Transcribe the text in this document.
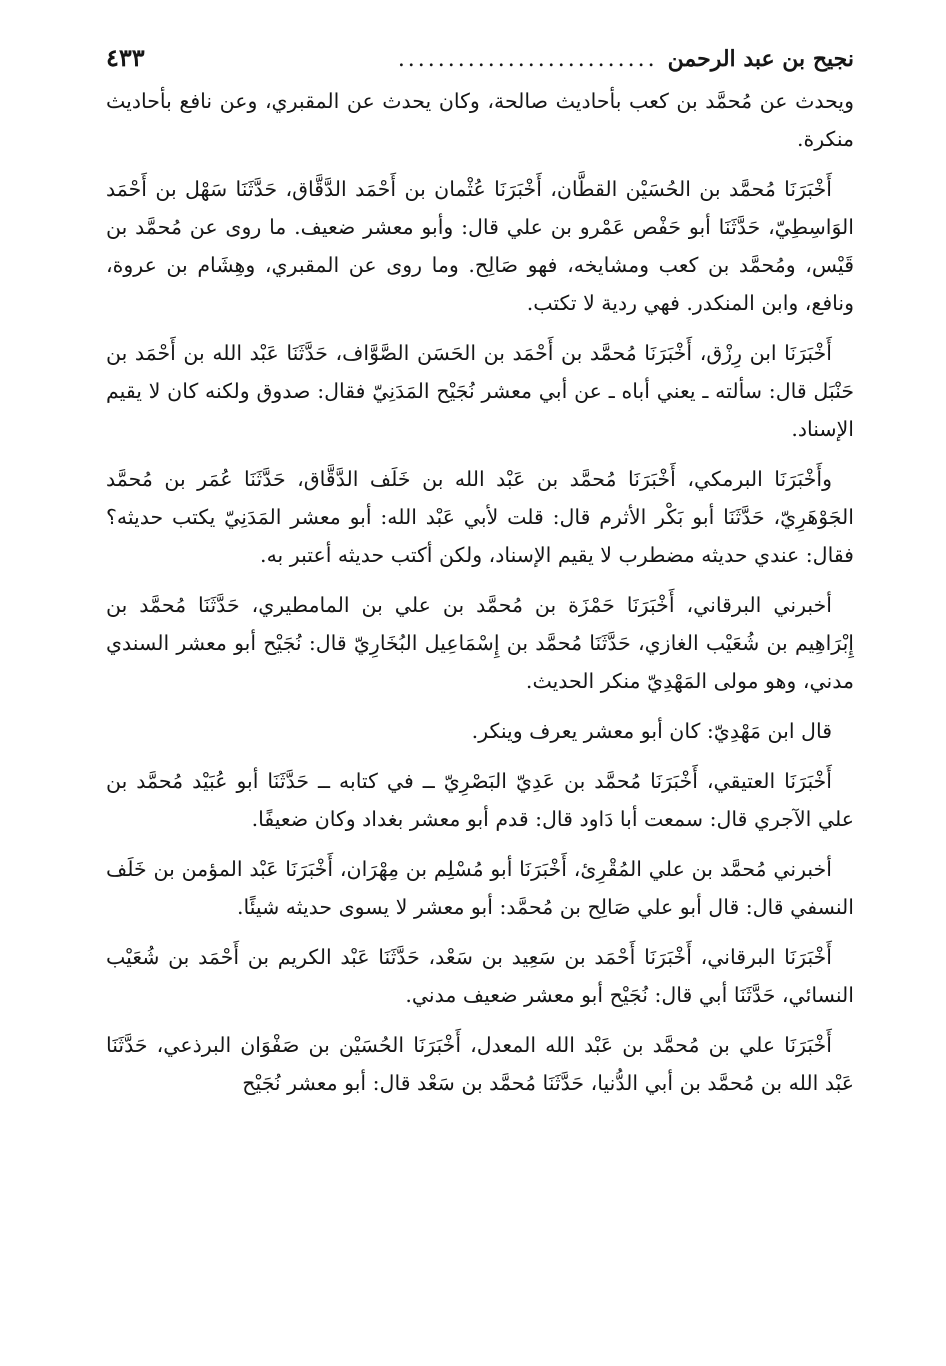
نجيح بن عبد الرحمن
..........................
٤٣٣

ويحدث عن مُحمَّد بن كعب بأحاديث صالحة، وكان يحدث عن المقبري، وعن نافع بأحاديث منكرة.

أَخْبَرَنَا مُحمَّد بن الحُسَيْن القطَّان، أَخْبَرَنَا عُثْمان بن أَحْمَد الدَّقَّاق، حَدَّثَنَا سَهْل بن أَحْمَد الوَاسِطِيّ، حَدَّثَنَا أبو حَفْص عَمْرو بن علي قال: وأبو معشر ضعيف. ما روى عن مُحمَّد بن قَيْس، ومُحمَّد بن كعب ومشايخه، فهو صَالِح. وما روى عن المقبري، وهِشَام بن عروة، ونافع، وابن المنكدر. فهي ردية لا تكتب.

أَخْبَرَنَا ابن رِزْق، أَخْبَرَنَا مُحمَّد بن أَحْمَد بن الحَسَن الصَّوَّاف، حَدَّثَنَا عَبْد الله بن أَحْمَد بن حَنْبَل قال: سألته ـ يعني أباه ـ عن أبي معشر نُجَيْح المَدَنِيّ فقال: صدوق ولكنه كان لا يقيم الإسناد.

وأَخْبَرَنَا البرمكي، أَخْبَرَنَا مُحمَّد بن عَبْد الله بن خَلَف الدَّقَّاق، حَدَّثَنَا عُمَر بن مُحمَّد الجَوْهَرِيّ، حَدَّثَنَا أبو بَكْر الأثرم قال: قلت لأبي عَبْد الله: أبو معشر المَدَنِيّ يكتب حديثه؟ فقال: عندي حديثه مضطرب لا يقيم الإسناد، ولكن أكتب حديثه أعتبر به.

أخبرني البرقاني، أَخْبَرَنَا حَمْزَة بن مُحمَّد بن علي بن المامطيري، حَدَّثَنَا مُحمَّد بن إِبْرَاهِيم بن شُعَيْب الغازي، حَدَّثَنَا مُحمَّد بن إِسْمَاعِيل البُخَارِيّ قال: نُجَيْح أبو معشر السندي مدني، وهو مولى المَهْدِيّ منكر الحديث.

قال ابن مَهْدِيّ: كان أبو معشر يعرف وينكر.

أَخْبَرَنَا العتيقي، أَخْبَرَنَا مُحمَّد بن عَدِيّ البَصْرِيّ ــ في كتابه ــ حَدَّثَنَا أبو عُبَيْد مُحمَّد بن علي الآجري قال: سمعت أبا دَاود قال: قدم أبو معشر بغداد وكان ضعيفًا.

أخبرني مُحمَّد بن علي المُقْرِئ، أَخْبَرَنَا أبو مُسْلِم بن مِهْرَان، أَخْبَرَنَا عَبْد المؤمن بن خَلَف النسفي قال: قال أبو علي صَالِح بن مُحمَّد: أبو معشر لا يسوى حديثه شيئًا.

أَخْبَرَنَا البرقاني، أَخْبَرَنَا أَحْمَد بن سَعِيد بن سَعْد، حَدَّثَنَا عَبْد الكريم بن أَحْمَد بن شُعَيْب النسائي، حَدَّثَنَا أبي قال: نُجَيْح أبو معشر ضعيف مدني.

أَخْبَرَنَا علي بن مُحمَّد بن عَبْد الله المعدل، أَخْبَرَنَا الحُسَيْن بن صَفْوَان البرذعي، حَدَّثَنَا عَبْد الله بن مُحمَّد بن أبي الدُّنيا، حَدَّثَنَا مُحمَّد بن سَعْد قال: أبو معشر نُجَيْح
